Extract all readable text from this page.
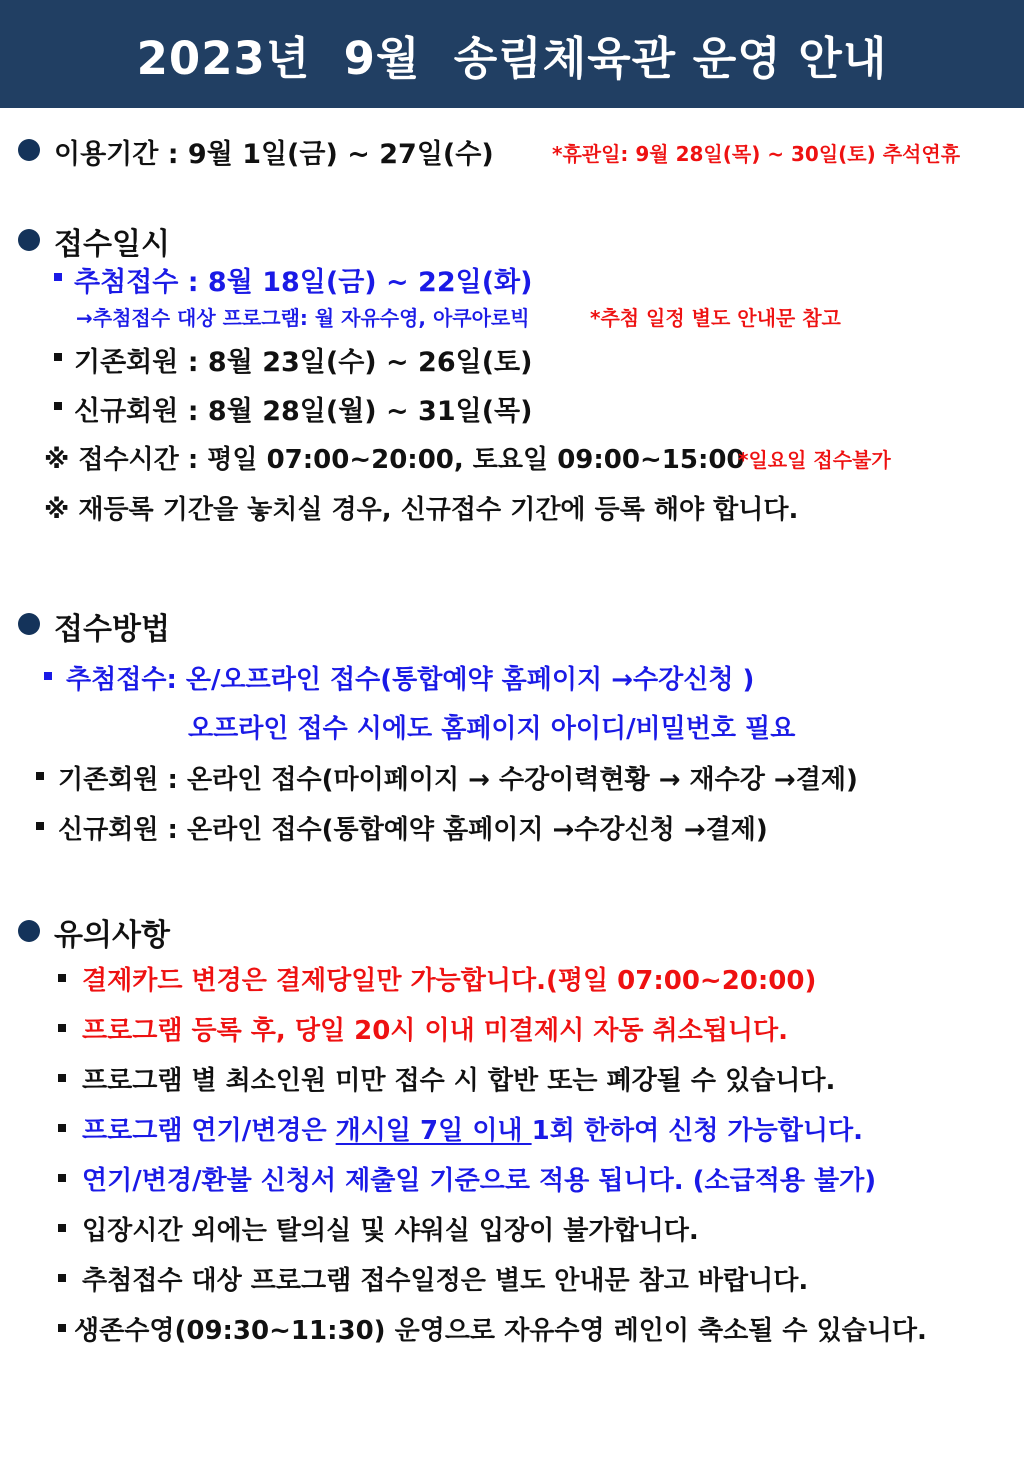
2023년  9월  송림체육관 운영 안내
이용기간 : 9월 1일(금) ~ 27일(수)	*휴관일: 9월 28일(목) ~ 30일(토) 추석연휴
접수일시
추첨접수 : 8월 18일(금) ~ 22일(화)
→추첨접수 대상 프로그램: 월 자유수영, 아쿠아로빅	*추첨 일정 별도 안내문 참고
기존회원 : 8월 23일(수) ~ 26일(토)
신규회원 : 8월 28일(월) ~ 31일(목)
※ 접수시간 : 평일 07:00~20:00, 토요일 09:00~15:00
*일요일 접수불가
※ 재등록 기간을 놓치실 경우, 신규접수 기간에 등록 해야 합니다.
접수방법
추첨접수: 온/오프라인 접수(통합예약 홈페이지 →수강신청 )
오프라인 접수 시에도 홈페이지 아이디/비밀번호 필요
기존회원 : 온라인 접수(마이페이지 → 수강이력현황 → 재수강 →결제)
신규회원 : 온라인 접수(통합예약 홈페이지 →수강신청 →결제)
유의사항
결제카드 변경은 결제당일만 가능합니다.(평일 07:00~20:00)
프로그램 등록 후, 당일 20시 이내 미결제시 자동 취소됩니다.
프로그램 별 최소인원 미만 접수 시 합반 또는 폐강될 수 있습니다.
프로그램 연기/변경은 개시일 7일 이내 1회 한하여 신청 가능합니다.
연기/변경/환불 신청서 제출일 기준으로 적용 됩니다. (소급적용 불가)
입장시간 외에는 탈의실 및 샤워실 입장이 불가합니다.
추첨접수 대상 프로그램 접수일정은 별도 안내문 참고 바랍니다.
생존수영(09:30~11:30) 운영으로 자유수영 레인이 축소될 수 있습니다.
